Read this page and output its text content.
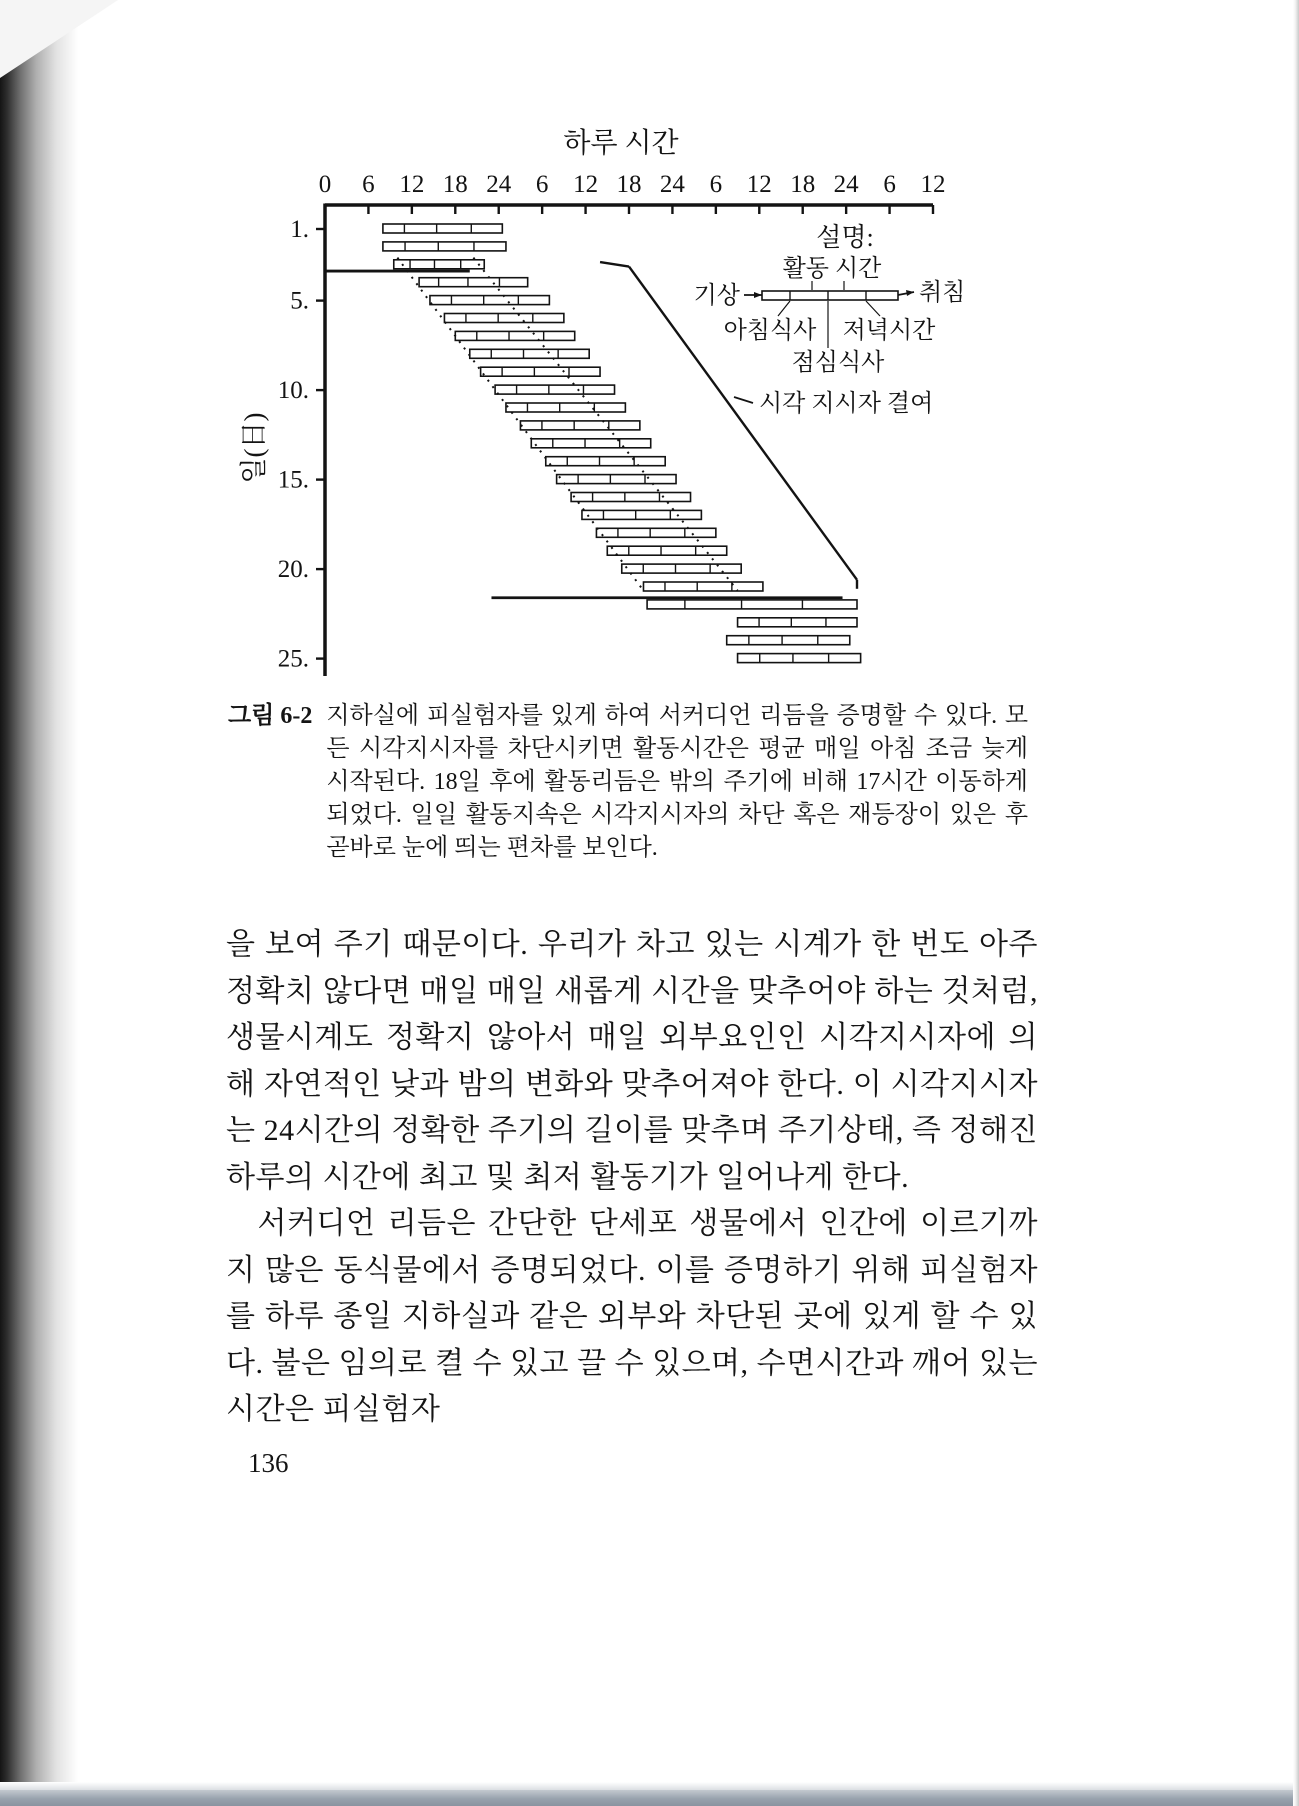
하루 시간
일(日)
0 6 12 18 24 6 12 18 24 6 12 18 24 6 12
1.
5.
10.
15.
20.
25.
설명:
활동 시간
기상	취침
아침식사 저녁시간
점심식사
시각 지시자 결여
그림 6-2 지하실에 피실험자를 있게 하여 서커디언 리듬을 증명할 수 있다. 모든 시각지시자를 차단시키면 활동시간은 평균 매일 아침 조금 늦게 시작된다. 18일 후에 활동리듬은 밖의 주기에 비해 17시간 이동하게 되었다. 일일 활동지속은 시각지시자의 차단 혹은 재등장이 있은 후 곧바로 눈에 띄는 편차를 보인다.

을 보여 주기 때문이다. 우리가 차고 있는 시계가 한 번도 아주 정확치 않다면 매일 매일 새롭게 시간을 맞추어야 하는 것처럼, 생물시계도 정확지 않아서 매일 외부요인인 시각지시자에 의해 자연적인 낮과 밤의 변화와 맞추어져야 한다. 이 시각지시자는 24시간의 정확한 주기의 길이를 맞추며 주기상태, 즉 정해진 하루의 시간에 최고 및 최저 활동기가 일어나게 한다.

서커디언 리듬은 간단한 단세포 생물에서 인간에 이르기까지 많은 동식물에서 증명되었다. 이를 증명하기 위해 피실험자를 하루 종일 지하실과 같은 외부와 차단된 곳에 있게 할 수 있다. 불은 임의로 켤 수 있고 끌 수 있으며, 수면시간과 깨어 있는 시간은 피실험자

136
